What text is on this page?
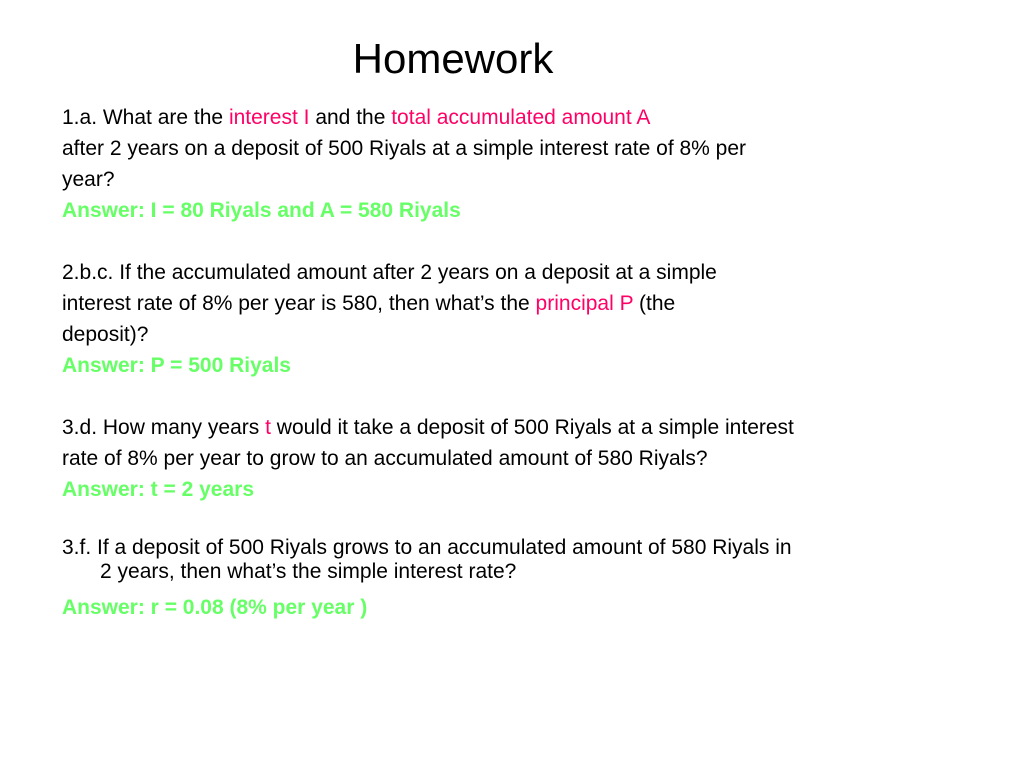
Homework
1.a. What are the interest I and the total accumulated amount A
after 2 years on a deposit of 500 Riyals at a simple interest rate of 8% per
year?
Answer: I = 80 Riyals and A = 580 Riyals
2.b.c. If the accumulated amount after 2 years on a deposit at a simple
interest rate of 8% per year is 580, then what’s the principal P (the
deposit)?
Answer: P = 500 Riyals
3.d. How many years t would it take a deposit of 500 Riyals at a simple interest
rate of 8% per year to grow to an accumulated amount of 580 Riyals?
Answer: t = 2 years
3.f. If a deposit of 500 Riyals grows to an accumulated amount of 580 Riyals in
2 years, then what’s the simple interest rate?
Answer: r = 0.08 (8% per year )
